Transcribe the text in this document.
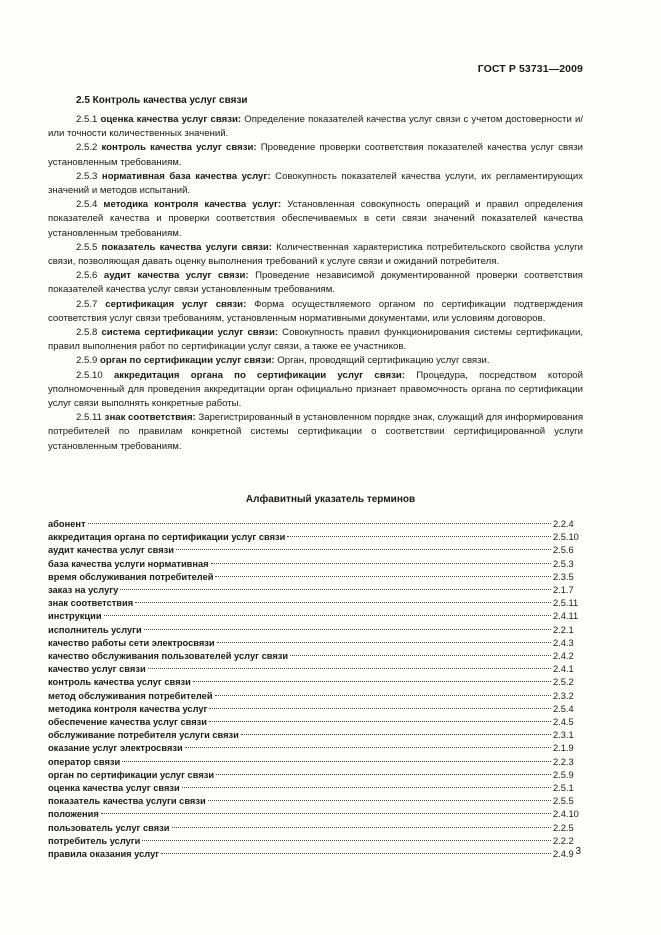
ГОСТ Р 53731—2009
2.5 Контроль качества услуг связи

2.5.1 оценка качества услуг связи: Определение показателей качества услуг связи с учетом достоверности и/или точности количественных значений.

2.5.2 контроль качества услуг связи: Проведение проверки соответствия показателей качества услуг связи установленным требованиям.

2.5.3 нормативная база качества услуг: Совокупность показателей качества услуги, их регламентирующих значений и методов испытаний.

2.5.4 методика контроля качества услуг: Установленная совокупность операций и правил определения показателей качества и проверки соответствия обеспечиваемых в сети связи значений показателей качества установленным требованиям.

2.5.5 показатель качества услуги связи: Количественная характеристика потребительского свойства услуги связи, позволяющая давать оценку выполнения требований к услуге связи и ожиданий потребителя.

2.5.6 аудит качества услуг связи: Проведение независимой документированной проверки соответствия показателей качества услуг связи установленным требованиям.

2.5.7 сертификация услуг связи: Форма осуществляемого органом по сертификации подтверждения соответствия услуг связи требованиям, установленным нормативными документами, или условиям договоров.

2.5.8 система сертификации услуг связи: Совокупность правил функционирования системы сертификации, правил выполнения работ по сертификации услуг связи, а также ее участников.

2.5.9 орган по сертификации услуг связи: Орган, проводящий сертификацию услуг связи.

2.5.10 аккредитация органа по сертификации услуг связи: Процедура, посредством которой уполномоченный для проведения аккредитации орган официально признает правомочность органа по сертификации услуг связи выполнять конкретные работы.

2.5.11 знак соответствия: Зарегистрированный в установленном порядке знак, служащий для информирования потребителей по правилам конкретной системы сертификации о соответствии сертифицированной услуги установленным требованиям.

Алфавитный указатель терминов
абонент	2.2.4
аккредитация органа по сертификации услуг связи	2.5.10
аудит качества услуг связи	2.5.6
база качества услуги нормативная	2.5.3
время обслуживания потребителей	2.3.5
заказ на услугу	2.1.7
знак соответствия	2.5.11
инструкции	2.4.11
исполнитель услуги	2.2.1
качество работы сети электросвязи	2.4.3
качество обслуживания пользователей услуг связи	2.4.2
качество услуг связи	2.4.1
контроль качества услуг связи	2.5.2
метод обслуживания потребителей	2.3.2
методика контроля качества услуг	2.5.4
обеспечение качества услуг связи	2.4.5
обслуживание потребителя услуги связи	2.3.1
оказание услуг электросвязи	2.1.9
оператор связи	2.2.3
орган по сертификации услуг связи	2.5.9
оценка качества услуг связи	2.5.1
показатель качества услуги связи	2.5.5
положения	2.4.10
пользователь услуг связи	2.2.5
потребитель услуги	2.2.2
правила оказания услуг	2.4.9 3
